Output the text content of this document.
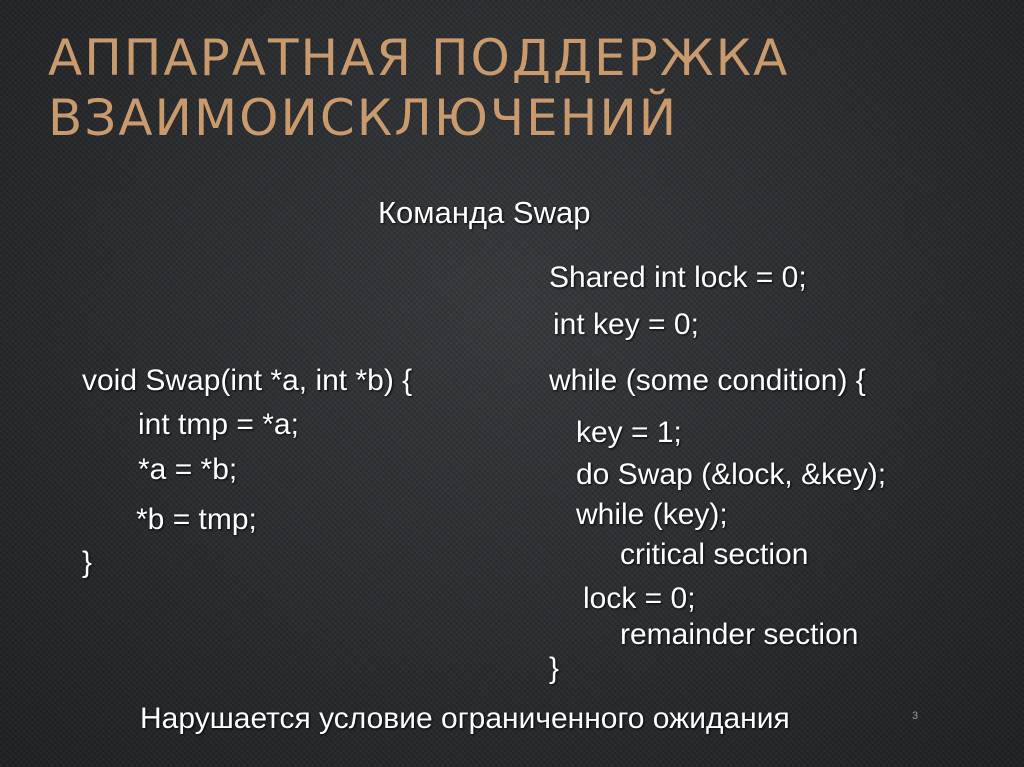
АППАРАТНАЯ ПОДДЕРЖКА
ВЗАИМОИСКЛЮЧЕНИЙ
Команда Swap
void Swap(int *a, int *b) {
int tmp = *a;
*a = *b;
*b = tmp;
}
Shared int lock = 0;
int key = 0;
while (some condition) {
key = 1;
do Swap (&lock, &key);
while (key);
critical section
lock = 0;
remainder section
}
Нарушается условие ограниченного ожидания	3
